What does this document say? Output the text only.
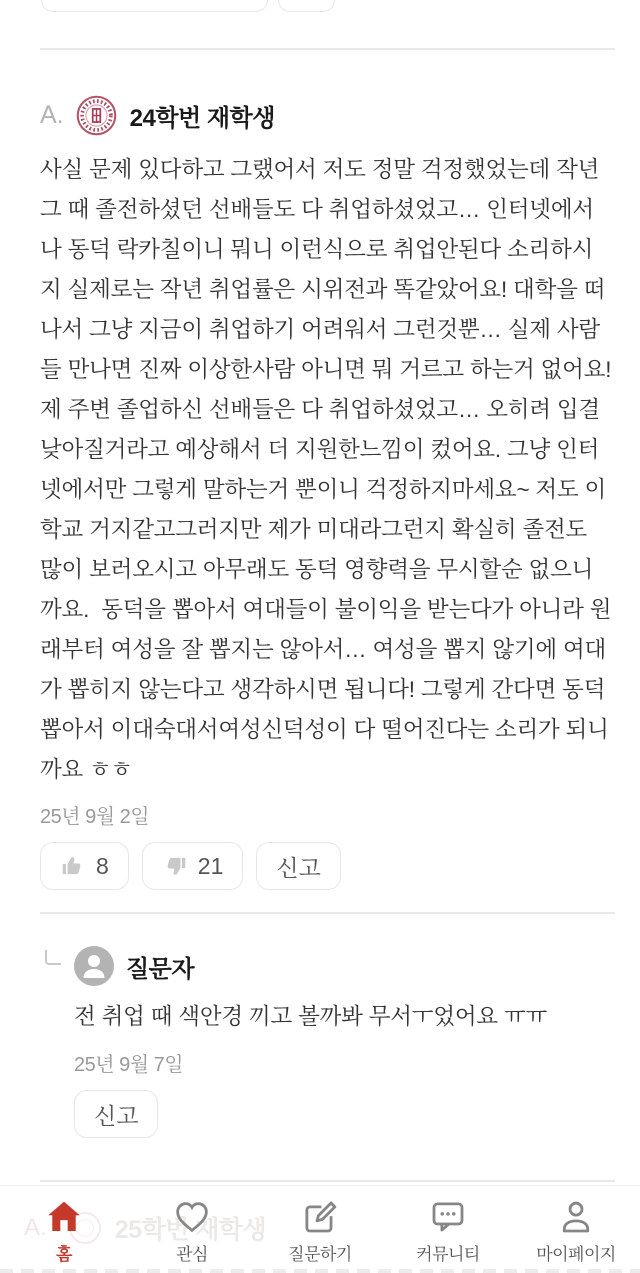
A.	24학번 재학생

사실 문제 있다하고 그랬어서 저도 정말 걱정했었는데 작년 그 때 졸전하셨던 선배들도 다 취업하셨었고… 인터넷에서나 동덕 락카칠이니 뭐니 이런식으로 취업안된다 소리하시지 실제로는 작년 취업률은 시위전과 똑같았어요! 대학을 떠나서 그냥 지금이 취업하기 어려워서 그런것뿐… 실제 사람들 만나면 진짜 이상한사람 아니면 뭐 거르고 하는거 없어요! 제 주변 졸업하신 선배들은 다 취업하셨었고… 오히려 입결 낮아질거라고 예상해서 더 지원한느낌이 컸어요. 그냥 인터넷에서만 그렇게 말하는거 뿐이니 걱정하지마세요~ 저도 이학교 거지같고그러지만 제가 미대라그런지 확실히 졸전도 많이 보러오시고 아무래도 동덕 영향력을 무시할순 없으니까요.  동덕을 뽑아서 여대들이 불이익을 받는다가 아니라 원래부터 여성을 잘 뽑지는 않아서… 여성을 뽑지 않기에 여대가 뽑히지 않는다고 생각하시면 됩니다! 그렇게 간다면 동덕뽑아서 이대숙대서여성신덕성이 다 떨어진다는 소리가 되니까요 ㅎㅎ

25년 9월 2일
8	21 신고
질문자

전 취업 때 색안경 끼고 볼까봐 무서ㅜ었어요 ㅠㅠ

25년 9월 7일
신고
A.	25학번 재학생
홈	관심	질문하기	커뮤니티	마이페이지
